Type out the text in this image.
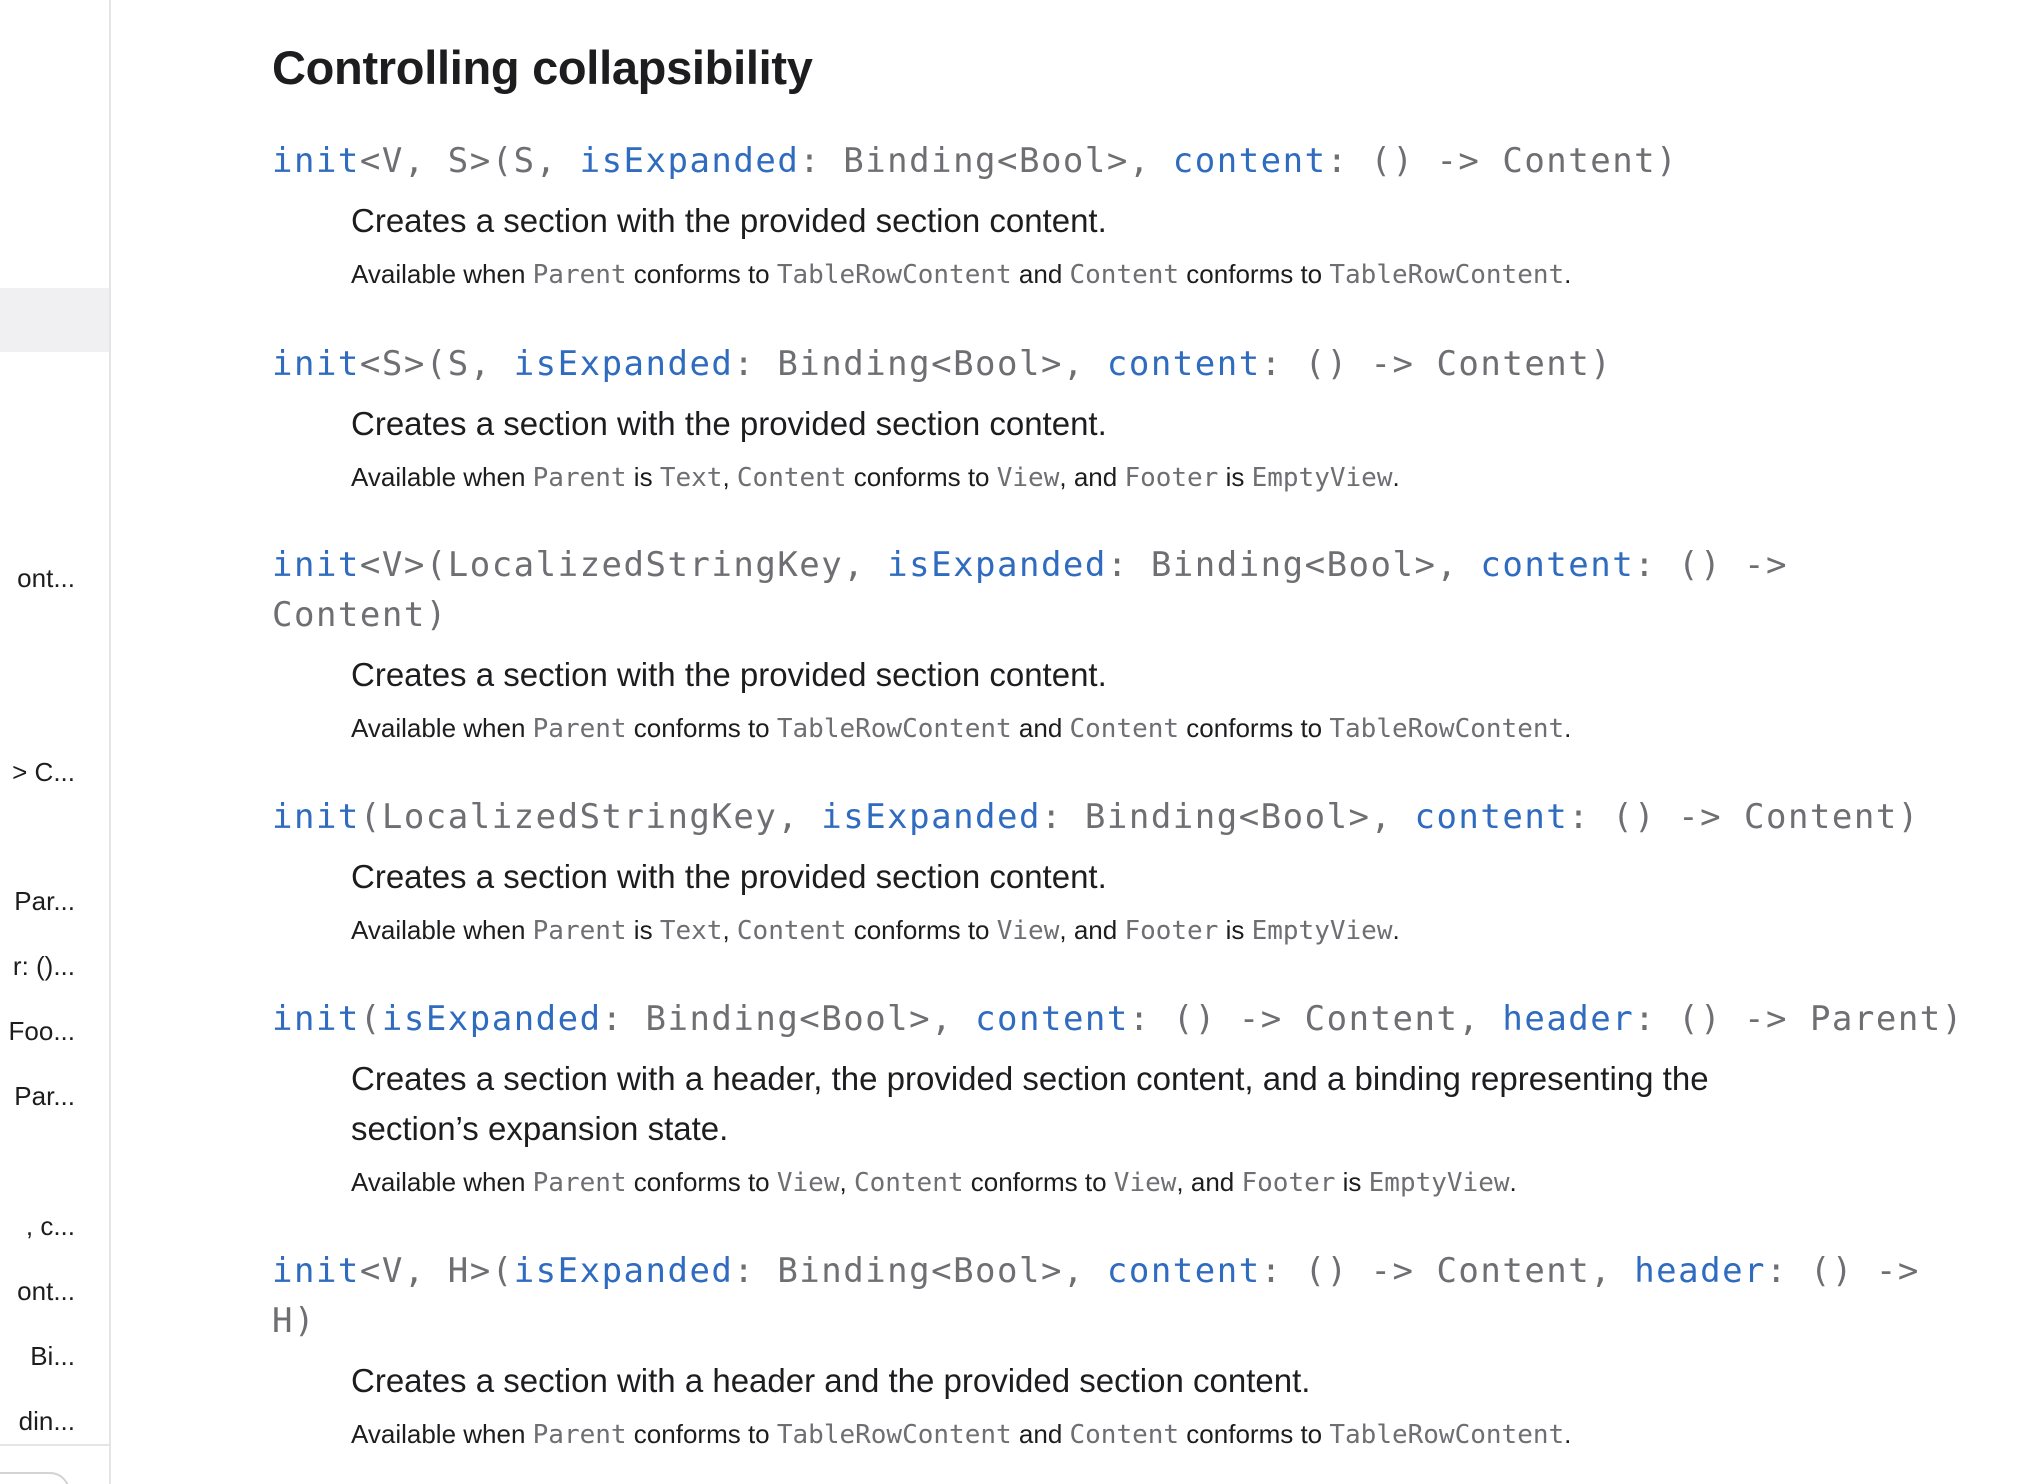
ont...
> C...
Par...
r: ()...
Foo...
Par...
, c...
ont...
Bi...
din...
Controlling collapsibility
init<V, S>(S, isExpanded: Binding<Bool>, content: () -> Content)
Creates a section with the provided section content.
Available when Parent conforms to TableRowContent and Content conforms to TableRowContent.
init<S>(S, isExpanded: Binding<Bool>, content: () -> Content)
Creates a section with the provided section content.
Available when Parent is Text, Content conforms to View, and Footer is EmptyView.
init<V>(LocalizedStringKey, isExpanded: Binding<Bool>, content: () ->
Content)
Creates a section with the provided section content.
Available when Parent conforms to TableRowContent and Content conforms to TableRowContent.
init(LocalizedStringKey, isExpanded: Binding<Bool>, content: () -> Content)
Creates a section with the provided section content.
Available when Parent is Text, Content conforms to View, and Footer is EmptyView.
init(isExpanded: Binding<Bool>, content: () -> Content, header: () -> Parent)
Creates a section with a header, the provided section content, and a binding representing the section’s expansion state.
Available when Parent conforms to View, Content conforms to View, and Footer is EmptyView.
init<V, H>(isExpanded: Binding<Bool>, content: () -> Content, header: () ->
H)
Creates a section with a header and the provided section content.
Available when Parent conforms to TableRowContent and Content conforms to TableRowContent.
